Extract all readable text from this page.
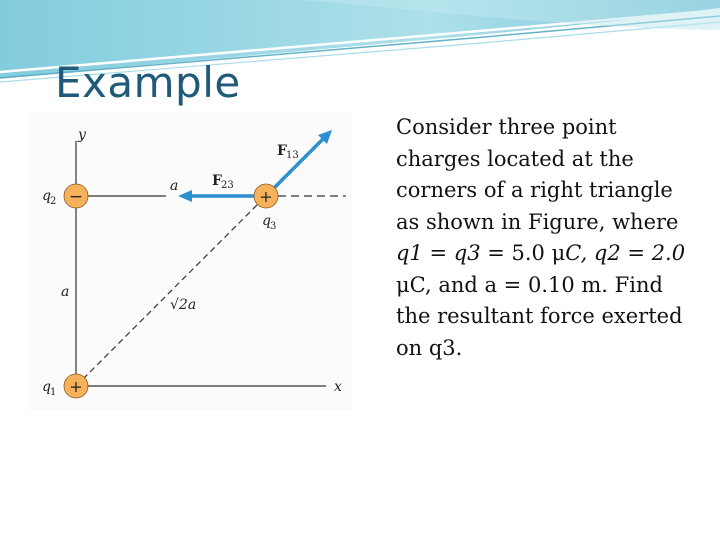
Example
−	+
+
y
x
q 2
q 1
q 3
a
a
√2a
F 23
F 13

Consider three point charges located at the corners of a right triangle as shown in Figure, where q1 = q3 = 5.0 μC, q2 = 2.0 μC, and a = 0.10 m. Find the resultant force exerted on q3.
